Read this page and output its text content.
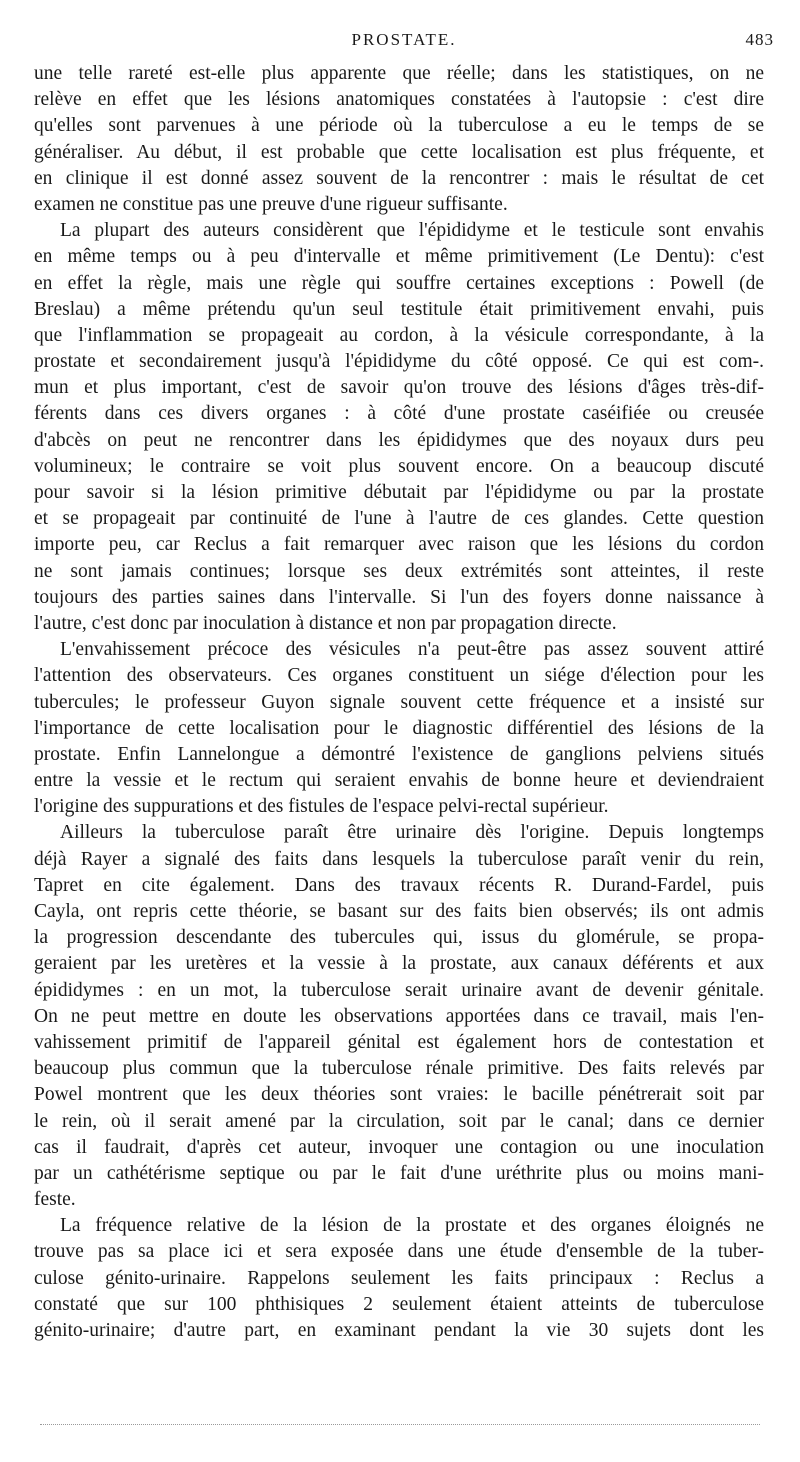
PROSTATE.	483
une telle rareté est-elle plus apparente que réelle; dans les statistiques, on ne
relève en effet que les lésions anatomiques constatées à l'autopsie : c'est dire
qu'elles sont parvenues à une période où la tuberculose a eu le temps de se
généraliser. Au début, il est probable que cette localisation est plus fréquente, et
en clinique il est donné assez souvent de la rencontrer : mais le résultat de cet
examen ne constitue pas une preuve d'une rigueur suffisante.
La plupart des auteurs considèrent que l'épididyme et le testicule sont envahis
en même temps ou à peu d'intervalle et même primitivement (Le Dentu): c'est
en effet la règle, mais une règle qui souffre certaines exceptions : Powell (de
Breslau) a même prétendu qu'un seul testitule était primitivement envahi, puis
que l'inflammation se propageait au cordon, à la vésicule correspondante, à la
prostate et secondairement jusqu'à l'épididyme du côté opposé. Ce qui est com-.
mun et plus important, c'est de savoir qu'on trouve des lésions d'âges très-dif-
férents dans ces divers organes : à côté d'une prostate caséifiée ou creusée
d'abcès on peut ne rencontrer dans les épididymes que des noyaux durs peu
volumineux; le contraire se voit plus souvent encore. On a beaucoup discuté
pour savoir si la lésion primitive débutait par l'épididyme ou par la prostate
et se propageait par continuité de l'une à l'autre de ces glandes. Cette question
importe peu, car Reclus a fait remarquer avec raison que les lésions du cordon
ne sont jamais continues; lorsque ses deux extrémités sont atteintes, il reste
toujours des parties saines dans l'intervalle. Si l'un des foyers donne naissance à
l'autre, c'est donc par inoculation à distance et non par propagation directe.
L'envahissement précoce des vésicules n'a peut-être pas assez souvent attiré
l'attention des observateurs. Ces organes constituent un siége d'élection pour les
tubercules; le professeur Guyon signale souvent cette fréquence et a insisté sur
l'importance de cette localisation pour le diagnostic différentiel des lésions de la
prostate. Enfin Lannelongue a démontré l'existence de ganglions pelviens situés
entre la vessie et le rectum qui seraient envahis de bonne heure et deviendraient
l'origine des suppurations et des fistules de l'espace pelvi-rectal supérieur.
Ailleurs la tuberculose paraît être urinaire dès l'origine. Depuis longtemps
déjà Rayer a signalé des faits dans lesquels la tuberculose paraît venir du rein,
Tapret en cite également. Dans des travaux récents R. Durand-Fardel, puis
Cayla, ont repris cette théorie, se basant sur des faits bien observés; ils ont admis
la progression descendante des tubercules qui, issus du glomérule, se propa-
geraient par les uretères et la vessie à la prostate, aux canaux déférents et aux
épididymes : en un mot, la tuberculose serait urinaire avant de devenir génitale.
On ne peut mettre en doute les observations apportées dans ce travail, mais l'en-
vahissement primitif de l'appareil génital est également hors de contestation et
beaucoup plus commun que la tuberculose rénale primitive. Des faits relevés par
Powel montrent que les deux théories sont vraies: le bacille pénétrerait soit par
le rein, où il serait amené par la circulation, soit par le canal; dans ce dernier
cas il faudrait, d'après cet auteur, invoquer une contagion ou une inoculation
par un cathétérisme septique ou par le fait d'une uréthrite plus ou moins mani-
feste.
La fréquence relative de la lésion de la prostate et des organes éloignés ne
trouve pas sa place ici et sera exposée dans une étude d'ensemble de la tuber-
culose génito-urinaire. Rappelons seulement les faits principaux : Reclus a
constaté que sur 100 phthisiques 2 seulement étaient atteints de tuberculose
génito-urinaire; d'autre part, en examinant pendant la vie 30 sujets dont les
